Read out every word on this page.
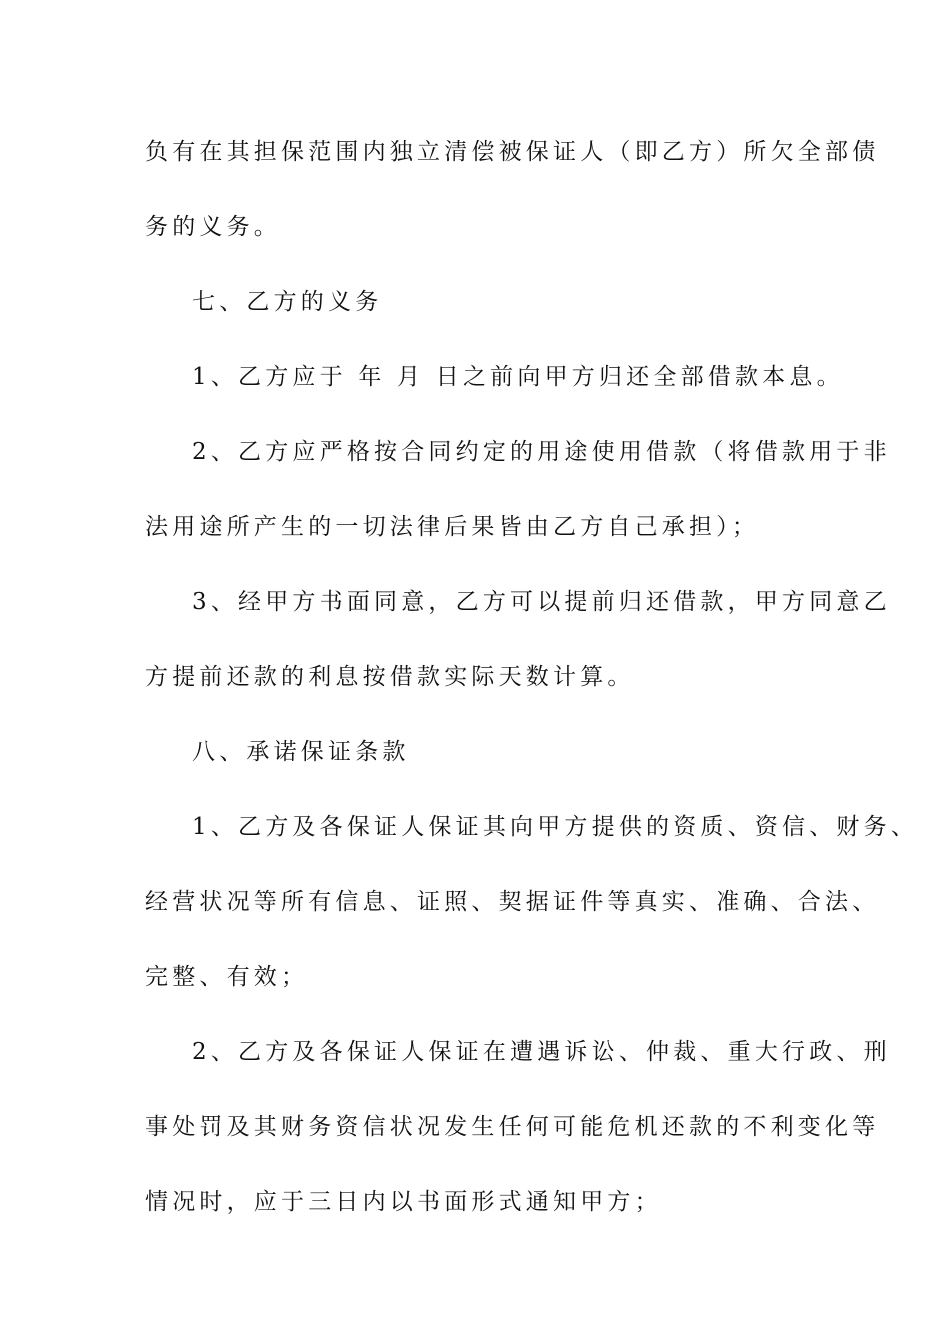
负有在其担保范围内独立清偿被保证人（即乙方）所欠全部债
务的义务。
七、乙方的义务
1、乙方应于 年 月 日之前向甲方归还全部借款本息。
2、乙方应严格按合同约定的用途使用借款（将借款用于非
法用途所产生的一切法律后果皆由乙方自己承担）；
3、经甲方书面同意，乙方可以提前归还借款，甲方同意乙
方提前还款的利息按借款实际天数计算。
八、承诺保证条款
1、乙方及各保证人保证其向甲方提供的资质、资信、财务、
经营状况等所有信息、证照、契据证件等真实、准确、合法、
完整、有效；
2、乙方及各保证人保证在遭遇诉讼、仲裁、重大行政、刑
事处罚及其财务资信状况发生任何可能危机还款的不利变化等
情况时，应于三日内以书面形式通知甲方；
